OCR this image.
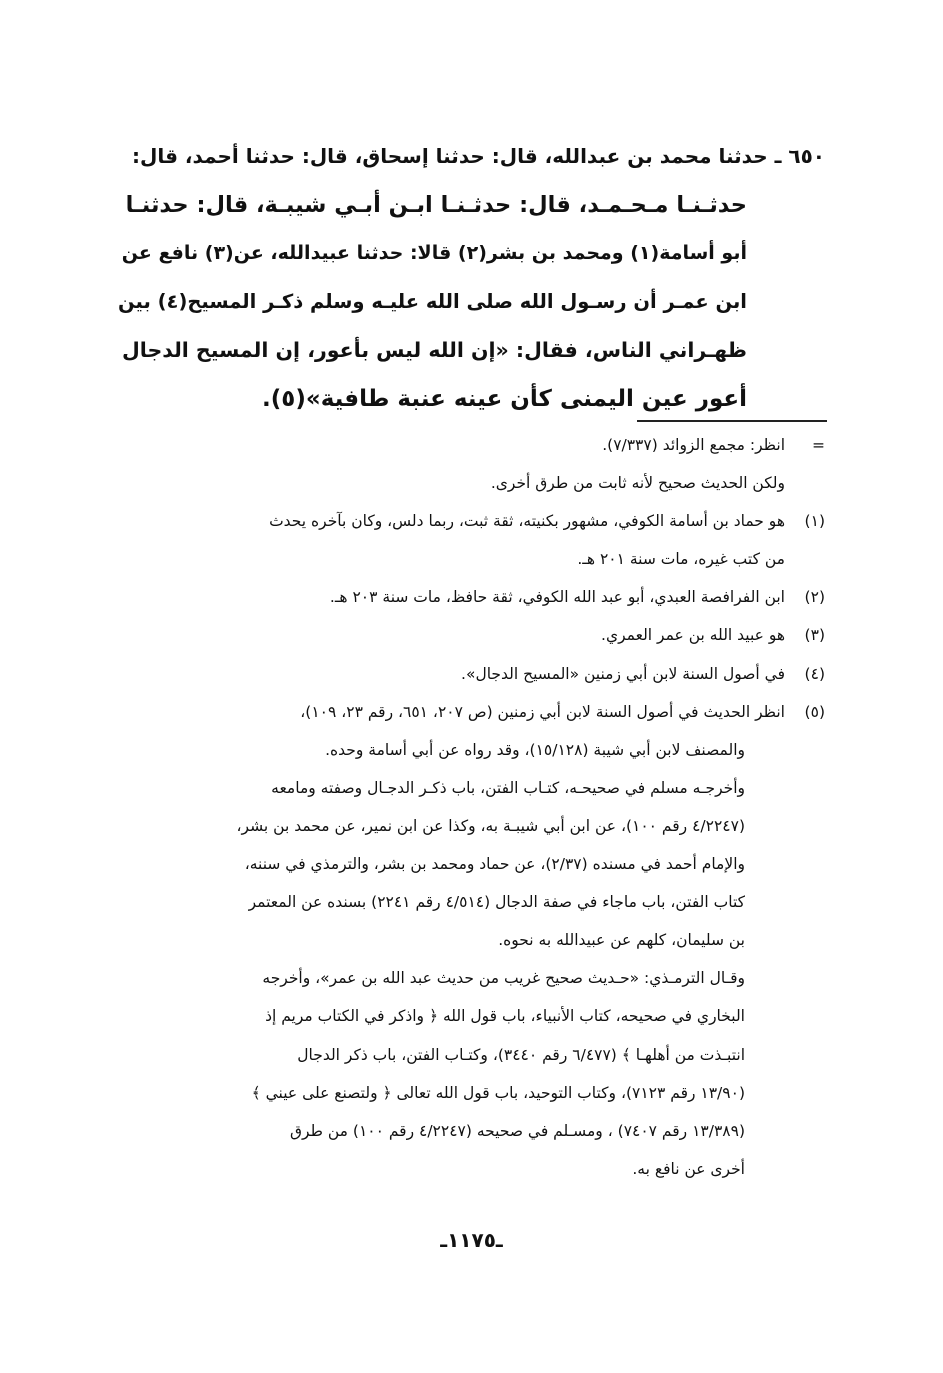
٦٥٠ ـ حدثنا محمد بن عبدالله، قال: حدثنا إسحاق، قال: حدثنا أحمد، قال:
حدثـنـا مـحـمـد، قال: حدثـنـا ابـن أبـي شيبـة، قال: حدثنـا
أبو أسامة(١) ومحمد بن بشر(٢) قالا: حدثنا عبيدالله، عن(٣) نافع عن
ابن عمـر أن رسـول الله صلى الله عليـه وسلم ذكـر المسيح(٤) بين
ظهـراني الناس، فقال: «إن الله ليس بأعور، إن المسيح الدجال
أعور عين اليمنى كأن عينه عنبة طافية»(٥).
=
انظر: مجمع الزوائد (٧/٣٣٧).
ولكن الحديث صحيح لأنه ثابت من طرق أخرى.
(١)
هو حماد بن أسامة الكوفي، مشهور بكنيته، ثقة ثبت، ربما دلس، وكان بآخره يحدث
من كتب غيره، مات سنة ٢٠١ هـ.
(٢)
ابن الفرافصة العبدي، أبو عبد الله الكوفي، ثقة حافظ، مات سنة ٢٠٣ هـ.
(٣)
هو عبيد الله بن عمر العمري.
(٤)
في أصول السنة لابن أبي زمنين «المسيح الدجال».
(٥)
انظر الحديث في أصول السنة لابن أبي زمنين (ص ٢٠٧، ٦٥١، رقم ٢٣، ١٠٩)،
والمصنف لابن أبي شيبة (١٥/١٢٨)، وقد رواه عن أبي أسامة وحده.
وأخرجـه مسلم في صحيحـه، كتـاب الفتن، باب ذكـر الدجـال وصفته ومامعه
(٤/٢٢٤٧ رقم ١٠٠)، عن ابن أبي شيبـة به، وكذا عن ابن نمير، عن محمد بن بشر،
والإمام أحمد في مسنده (٢/٣٧)، عن حماد ومحمد بن بشر، والترمذي في سننه،
كتاب الفتن، باب ماجاء في صفة الدجال (٤/٥١٤ رقم ٢٢٤١) بسنده عن المعتمر
بن سليمان، كلهم عن عبيدالله به نحوه.
وقـال الترمـذي: «حـديث صحيح غريب من حديث عبد الله بن عمر»، وأخرجه
البخاري في صحيحه، كتاب الأنبياء، باب قول الله ﴿ واذكر في الكتاب مريم إذ
انتبـذت من أهلهـا ﴾ (٦/٤٧٧ رقم ٣٤٤٠)، وكتـاب الفتن، باب ذكر الدجال
(١٣/٩٠ رقم ٧١٢٣)، وكتاب التوحيد، باب قول الله تعالى ﴿ ولتصنع على عيني ﴾
(١٣/٣٨٩ رقم ٧٤٠٧) ، ومسـلم في صحيحه (٤/٢٢٤٧ رقم ١٠٠) من طرق
أخرى عن نافع به.
ـ١١٧٥ـ
